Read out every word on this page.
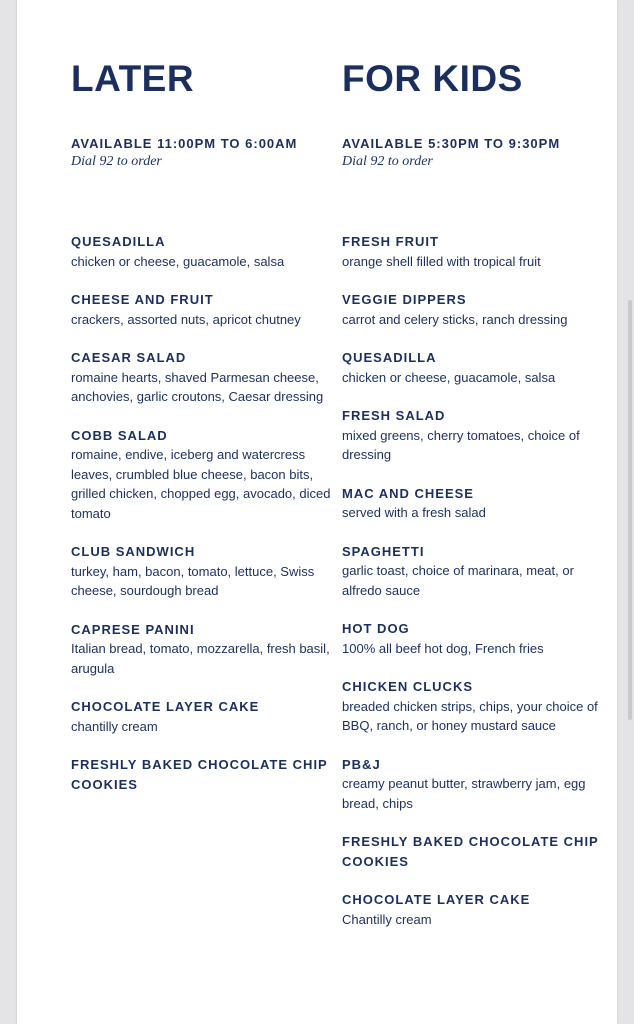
LATER
AVAILABLE 11:00PM TO 6:00AM
Dial 92 to order
QUESADILLA
chicken or cheese, guacamole, salsa
CHEESE AND FRUIT
crackers, assorted nuts, apricot chutney
CAESAR SALAD
romaine hearts, shaved Parmesan cheese, anchovies, garlic croutons, Caesar dressing
COBB SALAD
romaine, endive, iceberg and watercress leaves, crumbled blue cheese, bacon bits, grilled chicken, chopped egg, avocado, diced tomato
CLUB SANDWICH
turkey, ham, bacon, tomato, lettuce, Swiss cheese, sourdough bread
CAPRESE PANINI
Italian bread, tomato, mozzarella, fresh basil, arugula
CHOCOLATE LAYER CAKE
chantilly cream
FRESHLY BAKED CHOCOLATE CHIP COOKIES
FOR KIDS
AVAILABLE 5:30PM TO 9:30PM
Dial 92 to order
FRESH FRUIT
orange shell filled with tropical fruit
VEGGIE DIPPERS
carrot and celery sticks, ranch dressing
QUESADILLA
chicken or cheese, guacamole, salsa
FRESH SALAD
mixed greens, cherry tomatoes, choice of dressing
MAC AND CHEESE
served with a fresh salad
SPAGHETTI
garlic toast, choice of marinara, meat, or alfredo sauce
HOT DOG
100% all beef hot dog, French fries
CHICKEN CLUCKS
breaded chicken strips, chips, your choice of BBQ, ranch, or honey mustard sauce
PB&J
creamy peanut butter, strawberry jam, egg bread, chips
FRESHLY BAKED CHOCOLATE CHIP COOKIES
CHOCOLATE LAYER CAKE
Chantilly cream
